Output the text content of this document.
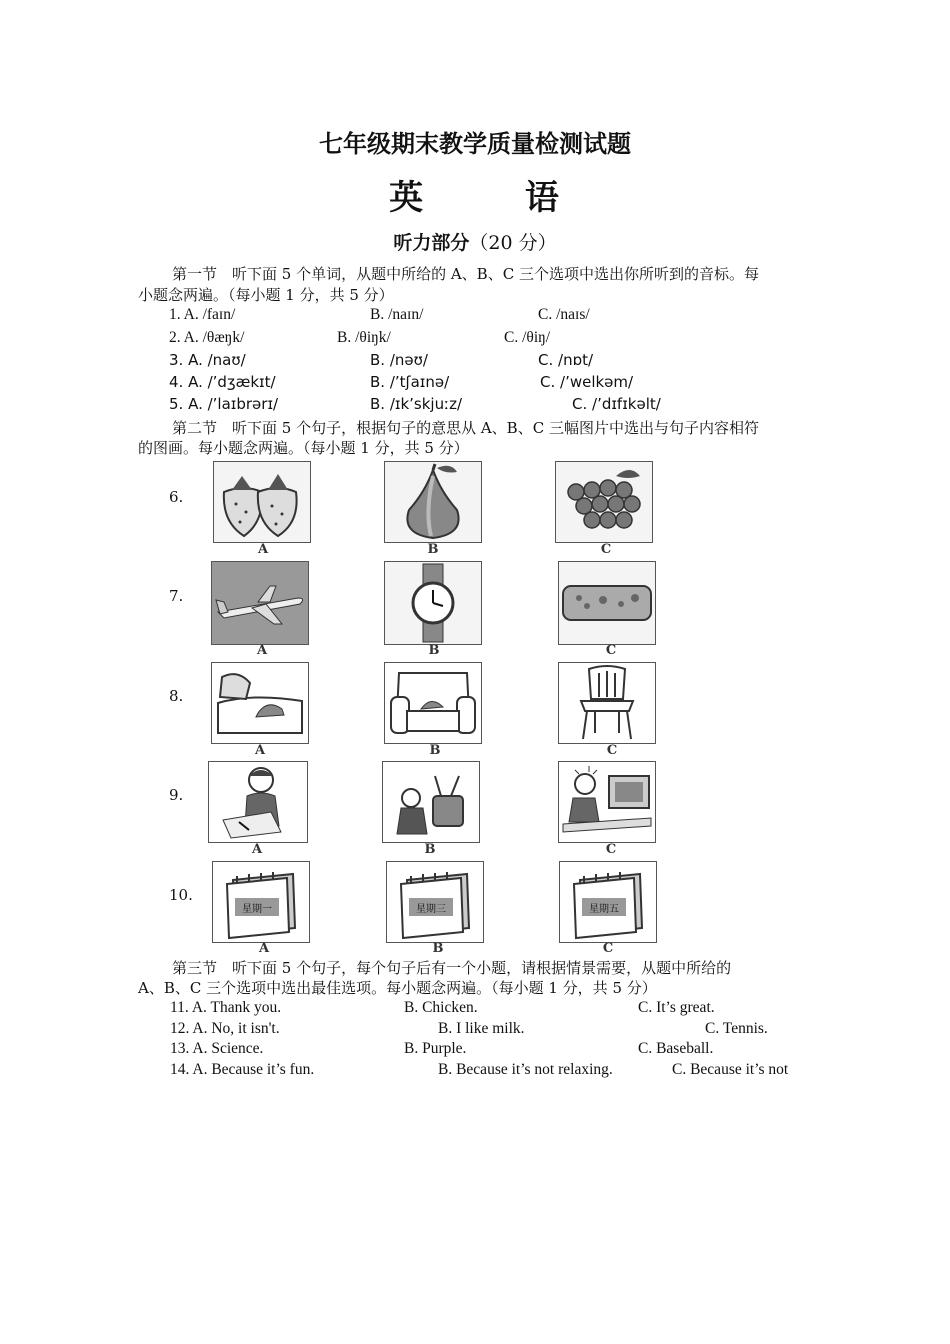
七年级期末教学质量检测试题
英	语
听力部分（20 分）
第一节　听下面 5 个单词，从题中所给的 A、B、C 三个选项中选出你所听到的音标。每
小题念两遍。（每小题 1 分，共 5 分）
1. A. /faɪn/	B. /naɪn/	C. /naɪs/
2. A. /θæŋk/	B. /θiŋk/	C. /θiŋ/
3. A. /naʊ/	B. /nəʊ/	C. /nɒt/
4. A. /’dʒækɪt/	B. /’tʃaɪnə/	C. /’welkəm/
5. A. /’laɪbrərɪ/	B. /ɪk’skjuːz/	C. /’dɪfɪkəlt/
第二节　听下面 5 个句子，根据句子的意思从 A、B、C 三幅图片中选出与句子内容相符
的图画。每小题念两遍。（每小题 1 分，共 5 分）
6.
A	B	C
7.
A	B	C
8.
A	B	C
9.
A	B	C
10.
星期一	星期三	星期五
A	B	C
第三节　听下面 5 个句子，每个句子后有一个小题，请根据情景需要，从题中所给的
A、B、C 三个选项中选出最佳选项。每小题念两遍。（每小题 1 分，共 5 分）
11. A. Thank you.	B. Chicken.	C. It’s great.
12. A. No, it isn't.	B. I like milk.	C. Tennis.
13. A. Science.	B. Purple.	C. Baseball.
14. A. Because it’s fun.	B. Because it’s not relaxing.	C. Because it’s not
